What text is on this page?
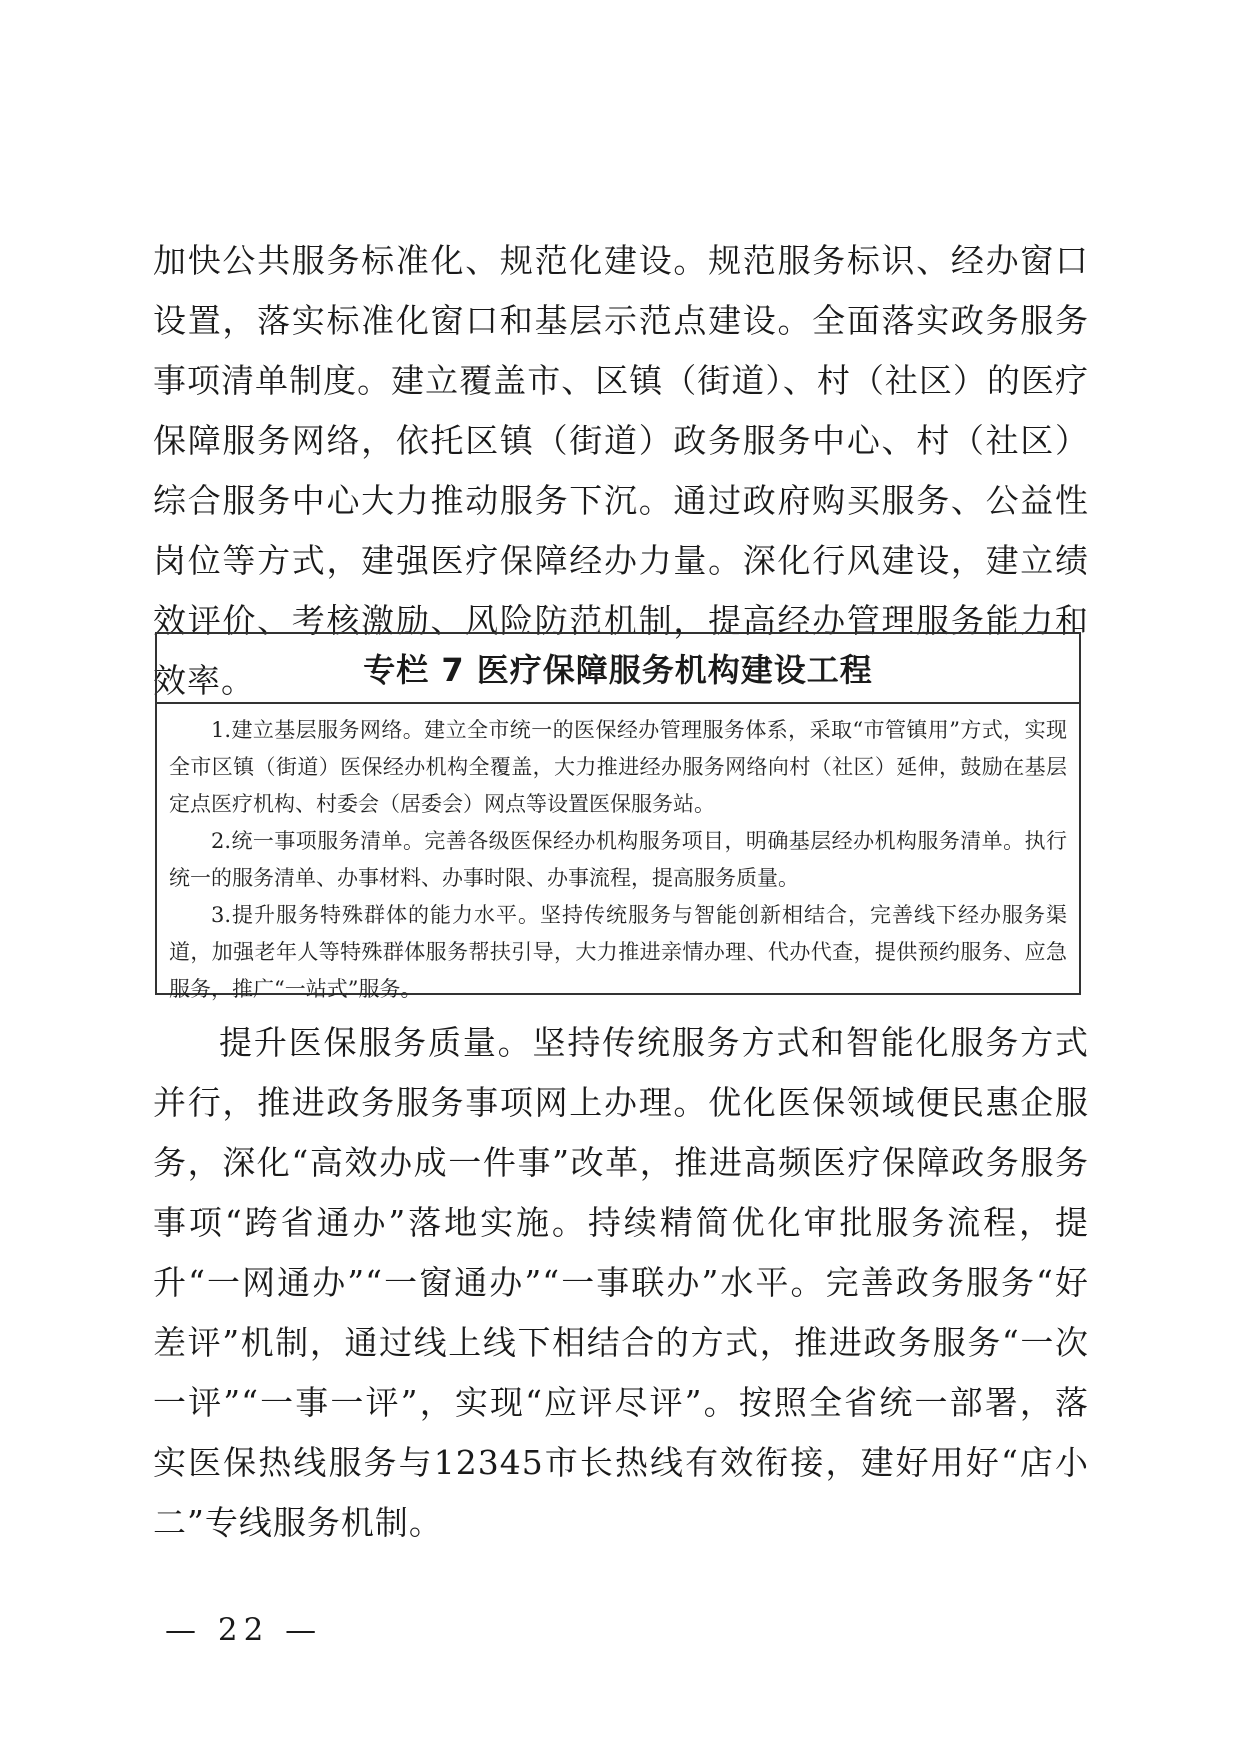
加快公共服务标准化、规范化建设。规范服务标识、经办窗口设置，落实标准化窗口和基层示范点建设。全面落实政务服务事项清单制度。建立覆盖市、区镇（街道）、村（社区）的医疗保障服务网络，依托区镇（街道）政务服务中心、村（社区）综合服务中心大力推动服务下沉。通过政府购买服务、公益性岗位等方式，建强医疗保障经办力量。深化行风建设，建立绩效评价、考核激励、风险防范机制，提高经办管理服务能力和效率。	专栏 7 医疗保障服务机构建设工程

1.建立基层服务网络。建立全市统一的医保经办管理服务体系，采取“市管镇用”方式，实现全市区镇（街道）医保经办机构全覆盖，大力推进经办服务网络向村（社区）延伸，鼓励在基层定点医疗机构、村委会（居委会）网点等设置医保服务站。

2.统一事项服务清单。完善各级医保经办机构服务项目，明确基层经办机构服务清单。执行统一的服务清单、办事材料、办事时限、办事流程，提高服务质量。

3.提升服务特殊群体的能力水平。坚持传统服务与智能创新相结合，完善线下经办服务渠道，加强老年人等特殊群体服务帮扶引导，大力推进亲情办理、代办代查，提供预约服务、应急服务，推广“一站式”服务。

提升医保服务质量。坚持传统服务方式和智能化服务方式并行，推进政务服务事项网上办理。优化医保领域便民惠企服务，深化“高效办成一件事”改革，推进高频医疗保障政务服务事项“跨省通办”落地实施。持续精简优化审批服务流程，提升“一网通办”“一窗通办”“一事联办”水平。完善政务服务“好差评”机制，通过线上线下相结合的方式，推进政务服务“一次一评”“一事一评”，实现“应评尽评”。按照全省统一部署，落实医保热线服务与12345市长热线有效衔接，建好用好“店小二”专线服务机制。

— 22 —
